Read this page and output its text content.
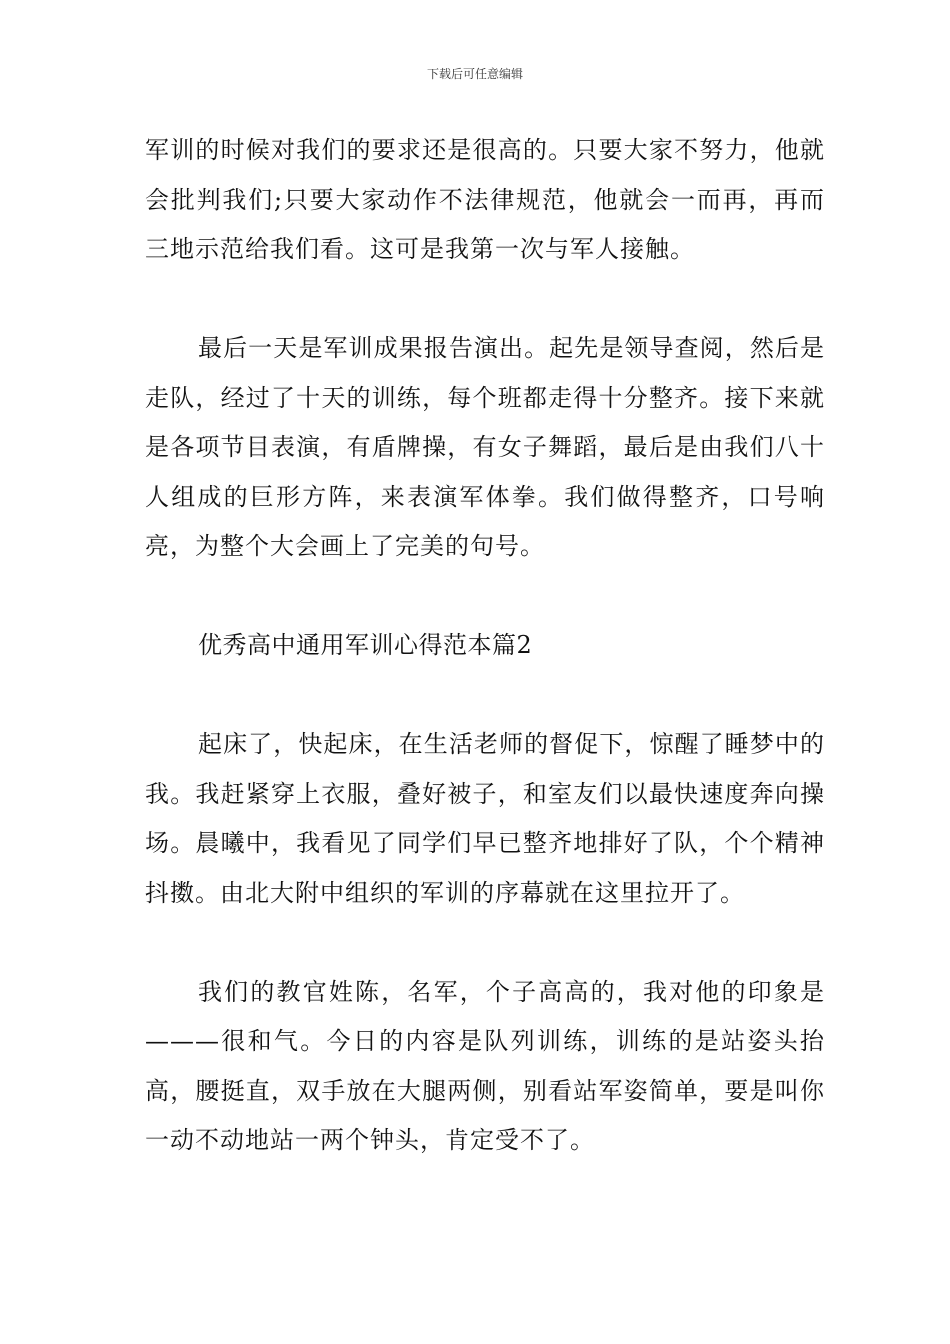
下载后可任意编辑

军训的时候对我们的要求还是很高的。只要大家不努力，他就会批判我们;只要大家动作不法律规范，他就会一而再，再而三地示范给我们看。这可是我第一次与军人接触。

最后一天是军训成果报告演出。起先是领导查阅，然后是走队，经过了十天的训练，每个班都走得十分整齐。接下来就是各项节目表演，有盾牌操，有女子舞蹈，最后是由我们八十人组成的巨形方阵，来表演军体拳。我们做得整齐，口号响亮，为整个大会画上了完美的句号。

优秀高中通用军训心得范本篇2

起床了，快起床，在生活老师的督促下，惊醒了睡梦中的我。我赶紧穿上衣服，叠好被子，和室友们以最快速度奔向操场。晨曦中，我看见了同学们早已整齐地排好了队，个个精神抖擞。由北大附中组织的军训的序幕就在这里拉开了。

我们的教官姓陈，名军，个子高高的，我对他的印象是———很和气。今日的内容是队列训练，训练的是站姿头抬高，腰挺直，双手放在大腿两侧，别看站军姿简单，要是叫你一动不动地站一两个钟头，肯定受不了。
